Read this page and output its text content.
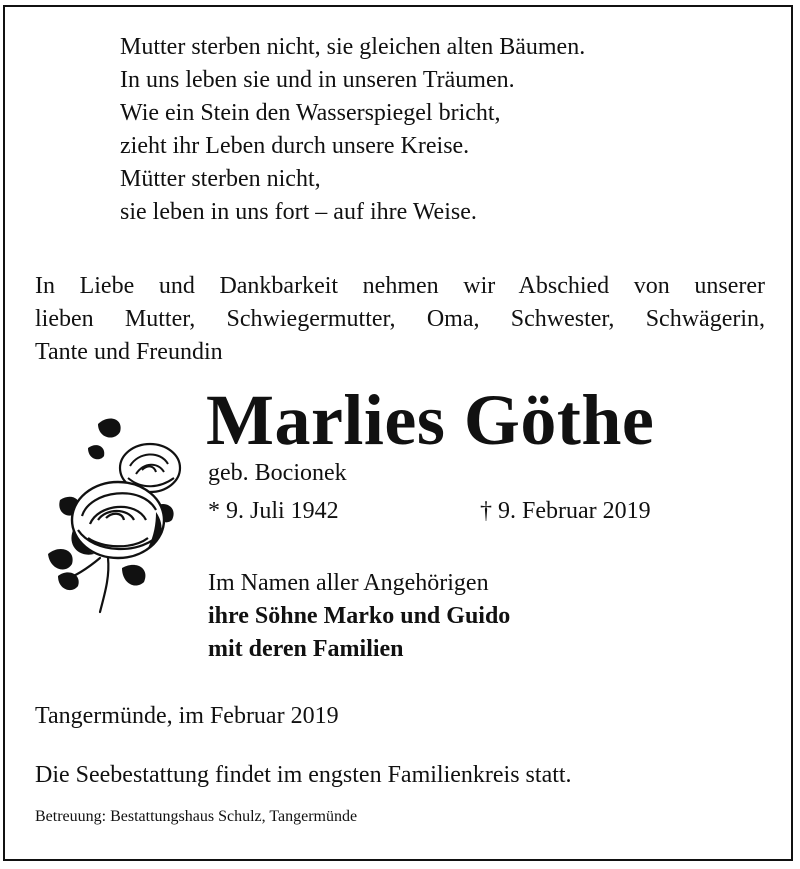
Mutter sterben nicht, sie gleichen alten Bäumen.
In uns leben sie und in unseren Träumen.
Wie ein Stein den Wasserspiegel bricht,
zieht ihr Leben durch unsere Kreise.
Mütter sterben nicht,
sie leben in uns fort – auf ihre Weise.
In Liebe und Dankbarkeit nehmen wir Abschied von unserer
lieben Mutter, Schwiegermutter, Oma, Schwester, Schwägerin,
Tante und Freundin
Marlies Göthe
geb. Bocionek
* 9. Juli 1942	† 9. Februar 2019
Im Namen aller Angehörigen
ihre Söhne Marko und Guido
mit deren Familien
Tangermünde, im Februar 2019
Die Seebestattung findet im engsten Familienkreis statt.
Betreuung: Bestattungshaus Schulz, Tangermünde
